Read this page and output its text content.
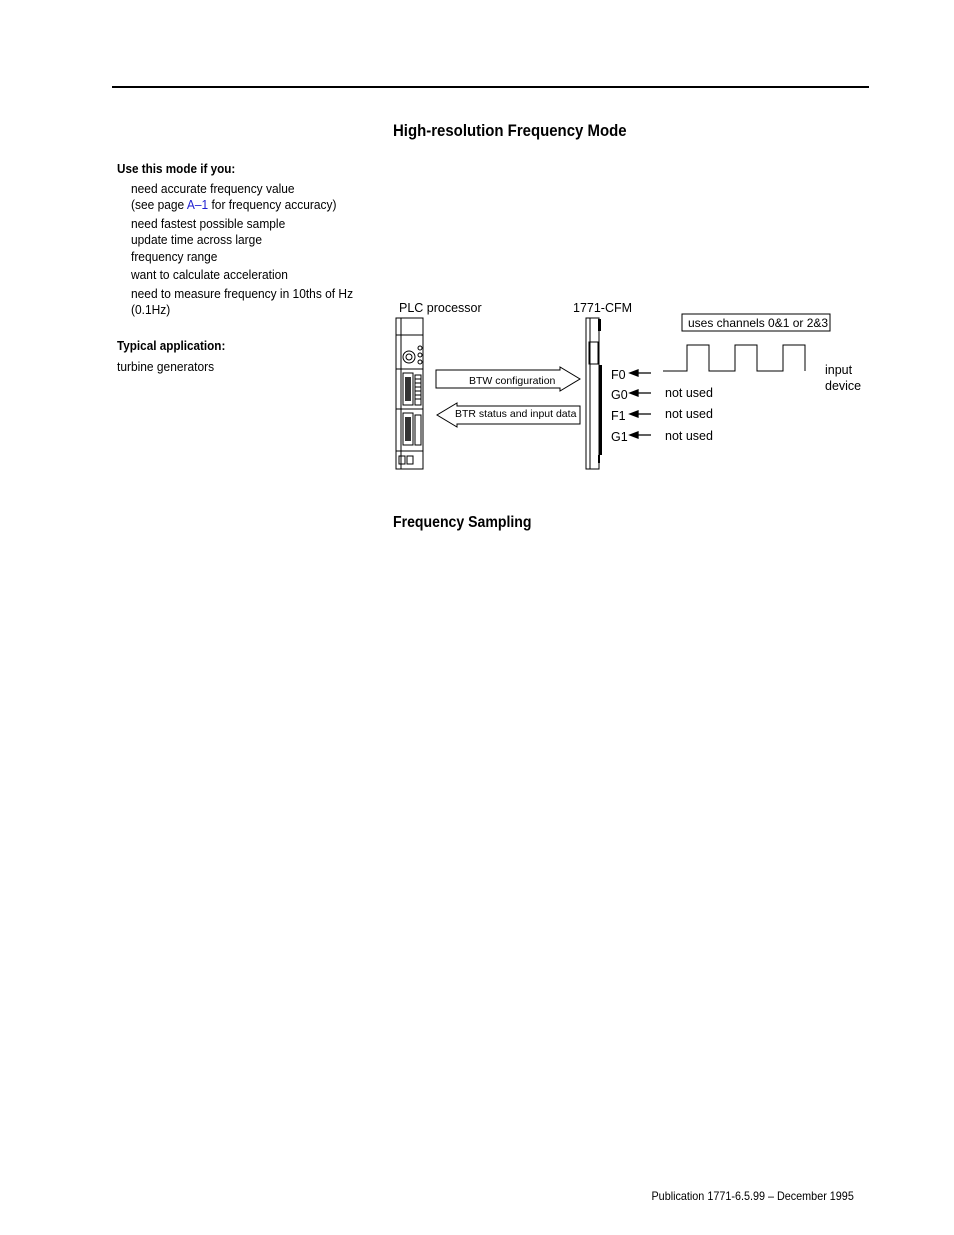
High-resolution Frequency Mode
Use this mode if you:
need accurate frequency value
(see page A–1 for frequency accuracy)
need fastest possible sample
update time across large
frequency range
want to calculate acceleration
need to measure frequency in 10ths of Hz
(0.1Hz)
Typical application:
turbine generators
PLC processor
BTW configuration
BTR status and input data
1771-CFM
uses channels 0&1 or 2&3
F0
G0
F1
G1
not used
not used
not used
input
device
Frequency Sampling
Publication 1771-6.5.99 – December 1995
